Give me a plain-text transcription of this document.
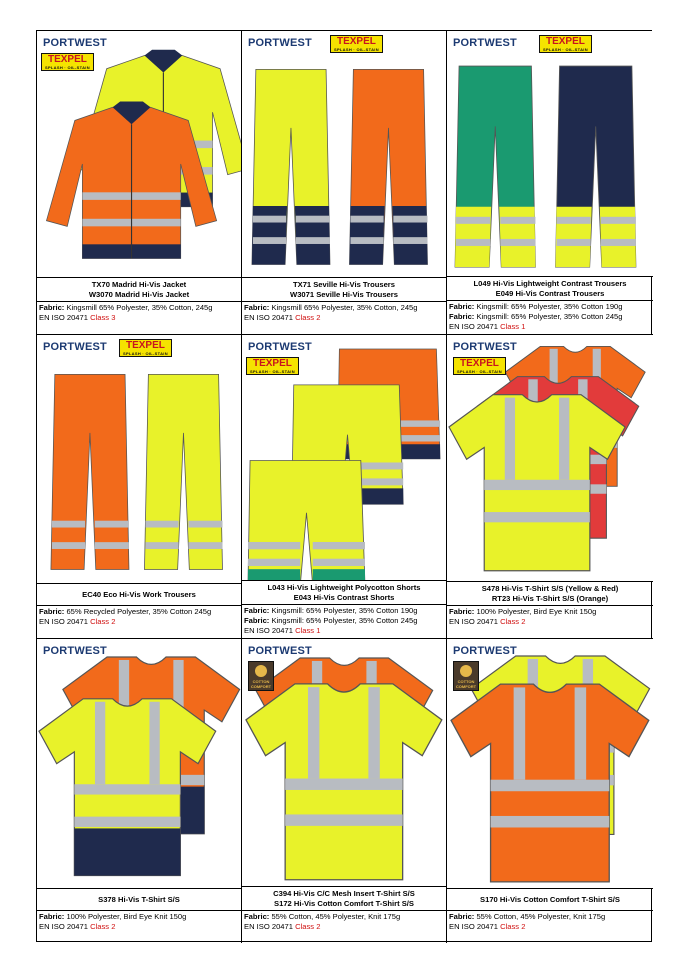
PORTWEST
TEXPEL
SPLASH · OIL-STAIN
TX70 Madrid Hi-Vis Jacket
W3070 Madrid Hi-Vis Jacket
Fabric: Kingsmill 65% Polyester, 35% Cotton, 245g
EN ISO 20471 Class 3
PORTWEST	TEXPEL
SPLASH · OIL-STAIN
TX71 Seville Hi-Vis Trousers
W3071 Seville Hi-Vis Trousers
Fabric: Kingsmill 65% Polyester, 35% Cotton, 245g
EN ISO 20471 Class 2
PORTWEST	TEXPEL
SPLASH · OIL-STAIN
L049 Hi-Vis Lightweight Contrast Trousers
E049 Hi-Vis Contrast Trousers
Fabric: Kingsmill: 65% Polyester, 35% Cotton 190g
Fabric: Kingsmill: 65% Polyester, 35% Cotton 245g
EN ISO 20471 Class 1
PORTWEST	TEXPEL
SPLASH · OIL-STAIN
EC40 Eco Hi-Vis Work Trousers
Fabric: 65% Recycled Polyester, 35% Cotton 245g
EN ISO 20471 Class 2
PORTWEST
TEXPEL
SPLASH · OIL-STAIN
L043 Hi-Vis Lightweight Polycotton Shorts
E043 Hi-Vis Contrast Shorts
Fabric: Kingsmill: 65% Polyester, 35% Cotton 190g
Fabric: Kingsmill: 65% Polyester, 35% Cotton 245g
EN ISO 20471 Class 1
PORTWEST
TEXPEL
SPLASH · OIL-STAIN
S478 Hi-Vis T-Shirt S/S (Yellow & Red)
RT23 Hi-Vis T-Shirt S/S (Orange)
Fabric: 100% Polyester, Bird Eye Knit 150g
EN ISO 20471 Class 2
PORTWEST
S378 Hi-Vis T-Shirt S/S
Fabric: 100% Polyester, Bird Eye Knit 150g
EN ISO 20471 Class 2
PORTWEST
COTTON COMFORT
C394 Hi-Vis C/C Mesh Insert T-Shirt S/S
S172 Hi-Vis Cotton Comfort T-Shirt S/S
Fabric: 55% Cotton, 45% Polyester, Knit 175g
EN ISO 20471 Class 2
PORTWEST
COTTON COMFORT
S170 Hi-Vis Cotton Comfort T-Shirt S/S
Fabric: 55% Cotton, 45% Polyester, Knit 175g
EN ISO 20471 Class 2
